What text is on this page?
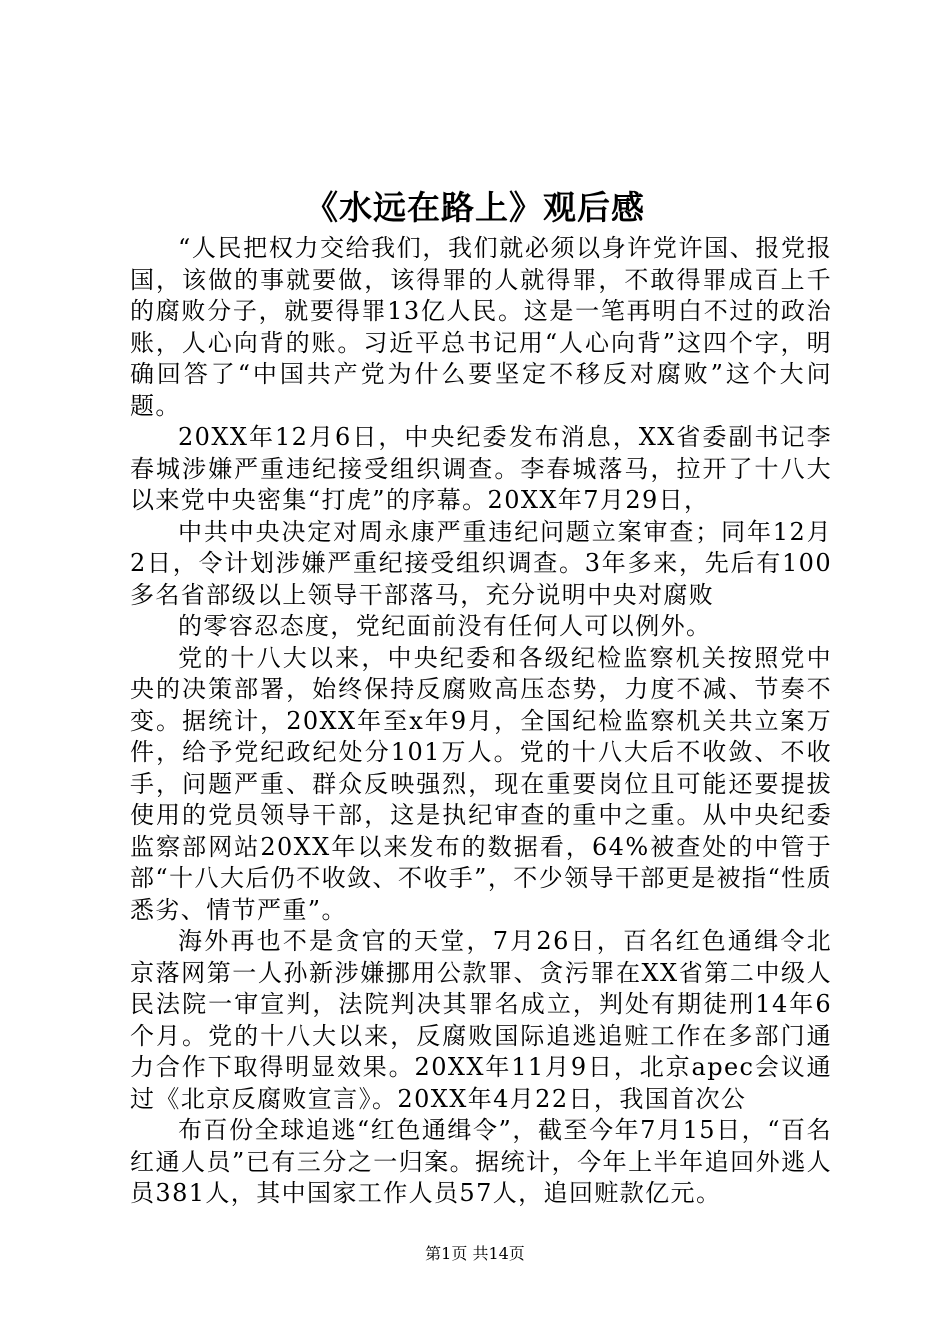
《水远在路上》观后感

“人民把权力交给我们，我们就必须以身许党许国、报党报国，该做的事就要做，该得罪的人就得罪，不敢得罪成百上千的腐败分子，就要得罪13亿人民。这是一笔再明白不过的政治账，人心向背的账。习近平总书记用“人心向背”这四个字，明确回答了“中国共产党为什么要坚定不移反对腐败”这个大问题。

20XX年12月6日，中央纪委发布消息，XX省委副书记李春城涉嫌严重违纪接受组织调查。李春城落马，拉开了十八大以来党中央密集“打虎”的序幕。20XX年7月29日，

中共中央决定对周永康严重违纪问题立案审查；同年12月2日，令计划涉嫌严重纪接受组织调查。3年多来，先后有100多名省部级以上领导干部落马，充分说明中央对腐败

的零容忍态度，党纪面前没有任何人可以例外。

党的十八大以来，中央纪委和各级纪检监察机关按照党中央的决策部署，始终保持反腐败高压态势，力度不减、节奏不变。据统计，20XX年至x年9月，全国纪检监察机关共立案万件，给予党纪政纪处分101万人。党的十八大后不收敛、不收手，问题严重、群众反映强烈，现在重要岗位且可能还要提拔使用的党员领导干部，这是执纪审查的重中之重。从中央纪委监察部网站20XX年以来发布的数据看，64%被查处的中管于部“十八大后仍不收敛、不收手”，不少领导干部更是被指“性质悉劣、情节严重”。

海外再也不是贪官的天堂，7月26日，百名红色通缉令北京落网第一人孙新涉嫌挪用公款罪、贪污罪在XX省第二中级人民法院一审宣判，法院判决其罪名成立，判处有期徒刑14年6个月。党的十八大以来，反腐败国际追逃追赃工作在多部门通力合作下取得明显效果。20XX年11月9日，北京apec会议通过《北京反腐败宣言》。20XX年4月22日，我国首次公

布百份全球追逃“红色通缉令”，截至今年7月15日，“百名红通人员”已有三分之一归案。据统计，今年上半年追回外逃人员381人，其中国家工作人员57人，追回赃款亿元。

第1页 共14页
